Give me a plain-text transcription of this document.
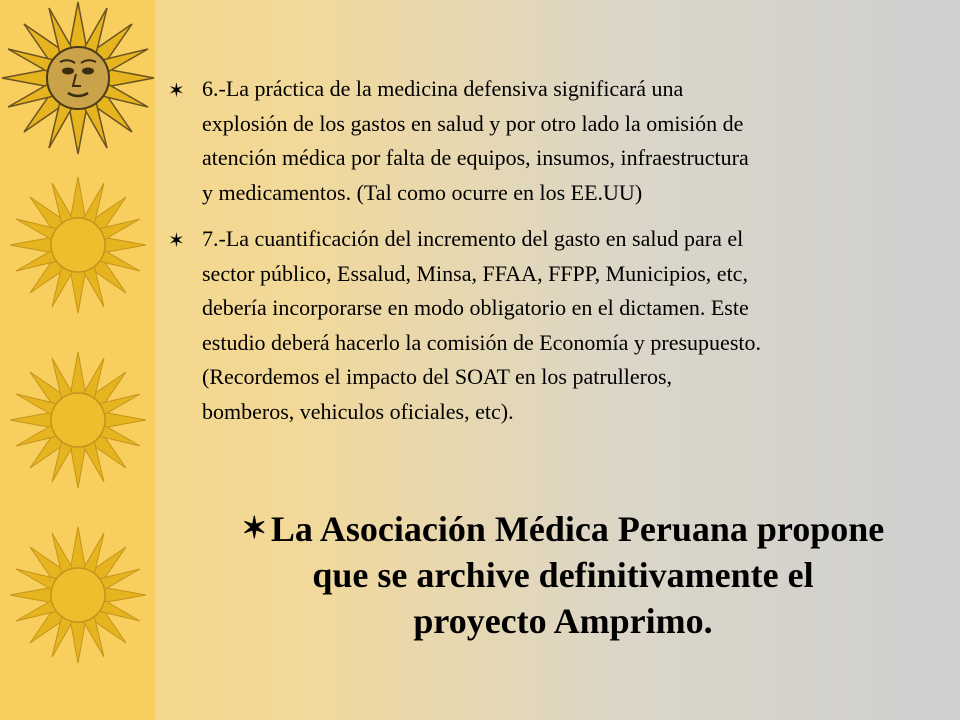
✶ 6.-La práctica de la medicina defensiva significará una
explosión de los gastos en salud y por otro lado la omisión de
atención médica por falta de equipos, insumos, infraestructura
y medicamentos. (Tal como ocurre en los EE.UU)
✶ 7.-La cuantificación del incremento del gasto en salud para el
sector público, Essalud, Minsa, FFAA, FFPP, Municipios, etc,
debería incorporarse en modo obligatorio en el dictamen. Este
estudio deberá hacerlo la comisión de Economía y presupuesto.
(Recordemos el impacto del SOAT en los patrulleros,
bomberos, vehiculos oficiales, etc).

✶ La Asociación Médica Peruana propone
que se archive definitivamente el
proyecto Amprimo.
